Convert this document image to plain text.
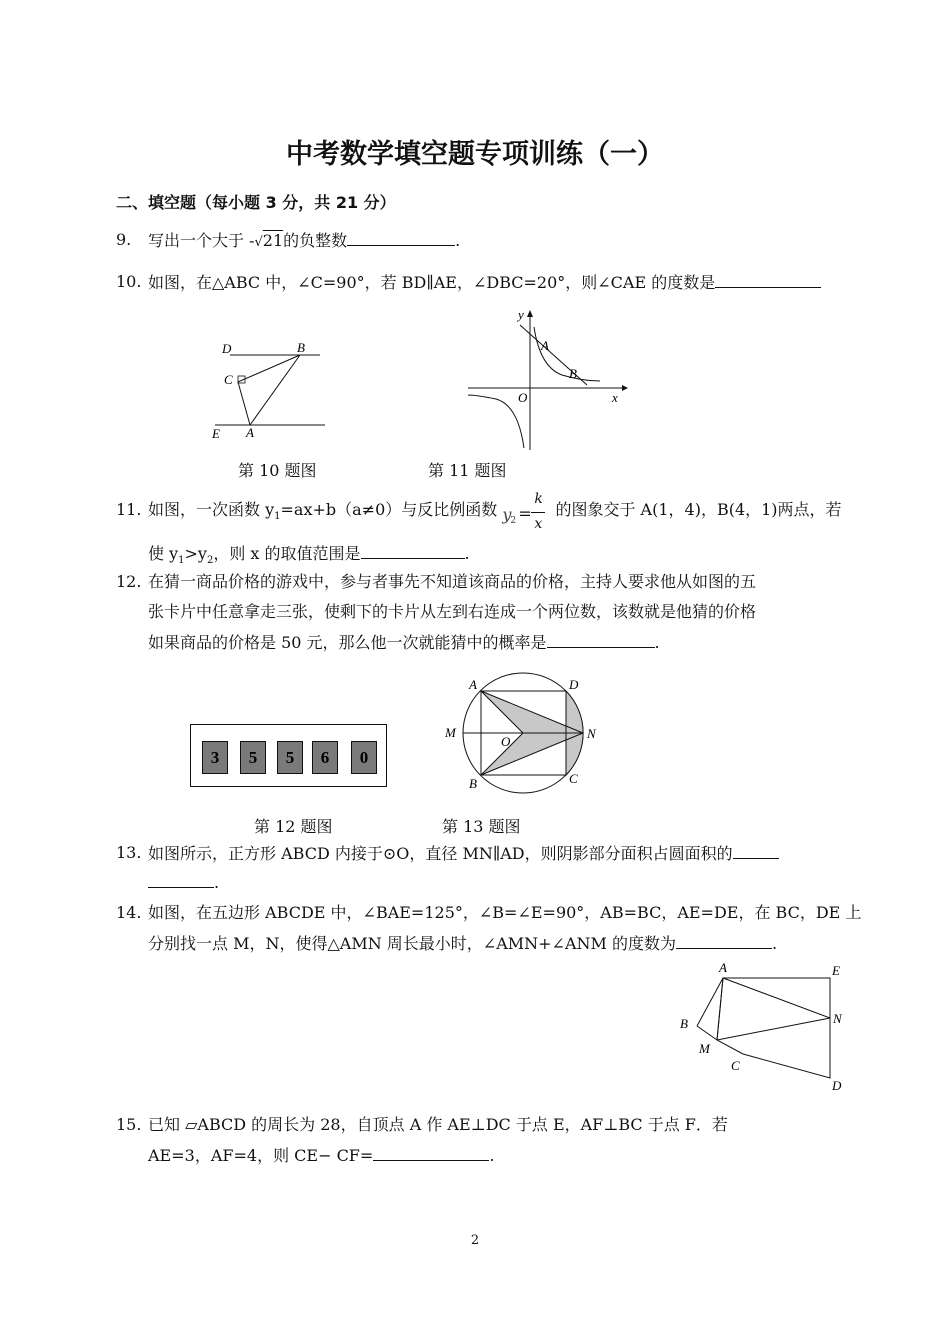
中考数学填空题专项训练（一）
二、填空题（每小题 3 分，共 21 分）
9. 写出一个大于 -√21的负整数	.
10. 如图，在△ABC 中，∠C=90°，若 BD∥AE，∠DBC=20°，则∠CAE 的度数是
D	B
C
E A
第 10 题图
y
A
B
O	x
第 11 题图
11. 如图，一次函数 $y_1=ax+b(a\ne 0)$与反比例函数 y
2 =
k
x
的图象交于 A(1，4)，B(4，1)两点，若
使 $y_1>y_2$，则 x 的取值范围是	.
12. 在猜一商品价格的游戏中，参与者事先不知道该商品的价格，主持人要求他从如图的五
张卡片中任意拿走三张，使剩下的卡片从左到右连成一个两位数，该数就是他猜的价格
如果商品的价格是 50 元，那么他一次就能猜中的概率是	.
3	5	5	6	0
第 12 题图
A	D
M
O
N
B	C
第 13 题图
13. 如图所示，正方形 ABCD 内接于⊙O，直径 MN∥AD，则阴影部分面积占圆面积的
.
14. 如图，在五边形 ABCDE 中，∠BAE=125°，∠B=∠E=90°，AB=BC，AE=DE，在 BC，DE 上
分别找一点 M，N，使得△AMN 周长最小时，∠AMN+∠ANM 的度数为	.
A	E
B	N
M
C
D
15. 已知 ▱ABCD 的周长为 28，自顶点 A 作 AE⊥DC 于点 E，AF⊥BC 于点 F．若
AE=3，AF=4，则 CE− CF=	.
2
